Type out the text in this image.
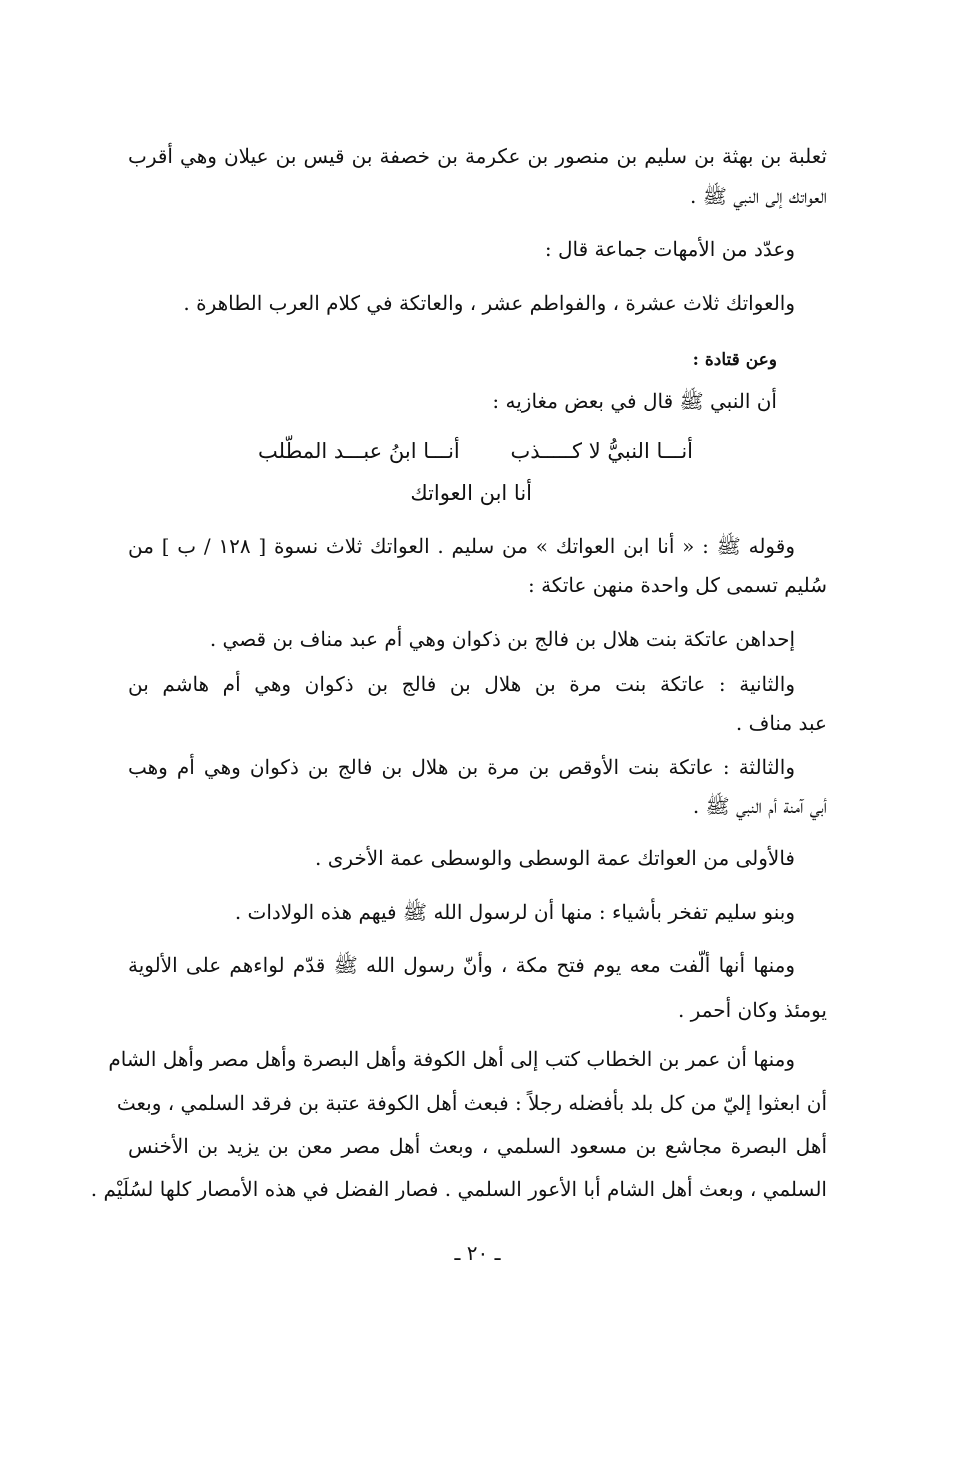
ثعلبة بن بهثة بن سليم بن منصور بن عكرمة بن خصفة بن قيس بن عيلان وهي أقرب
العواتك إلى النبي ﷺ .
وعدّد من الأمهات جماعة قال :
والعواتك ثلاث عشرة ، والفواطم عشر ، والعاتكة في كلام العرب الطاهرة .
وعن قتادة :
أن النبي ﷺ قال في بعض مغازيه :
أنـــا النبيُّ لا كـــــذب
أنـــا ابنُ عبـــد المطّلب
أنا ابن العواتك
وقوله ﷺ : « أنا ابن العواتك » من سليم . العواتك ثلاث نسوة [ ١٢٨ / ب ] من
سُليم تسمى كل واحدة منهن عاتكة :
إحداهن عاتكة بنت هلال بن فالج بن ذكوان وهي أم عبد مناف بن قصي .
والثانية : عاتكة بنت مرة بن هلال بن فالج بن ذكوان وهي أم هاشم بن
عبد مناف .
والثالثة : عاتكة بنت الأوقص بن مرة بن هلال بن فالج بن ذكوان وهي أم وهب
أبي آمنة أم النبي ﷺ .
فالأولى من العواتك عمة الوسطى والوسطى عمة الأخرى .
وبنو سليم تفخر بأشياء : منها أن لرسول الله ﷺ فيهم هذه الولادات .
ومنها أنها ألّفت معه يوم فتح مكة ، وأنّ رسول الله ﷺ قدّم لواءهم على الألوية
يومئذ وكان أحمر .
ومنها أن عمر بن الخطاب كتب إلى أهل الكوفة وأهل البصرة وأهل مصر وأهل الشام
أن ابعثوا إليّ من كل بلد بأفضله رجلاً : فبعث أهل الكوفة عتبة بن فرقد السلمي ، وبعث
أهل البصرة مجاشع بن مسعود السلمي ، وبعث أهل مصر معن بن يزيد بن الأخنس
السلمي ، وبعث أهل الشام أبا الأعور السلمي . فصار الفضل في هذه الأمصار كلها لسُلَيْم .
ـ ٢٠ ـ
